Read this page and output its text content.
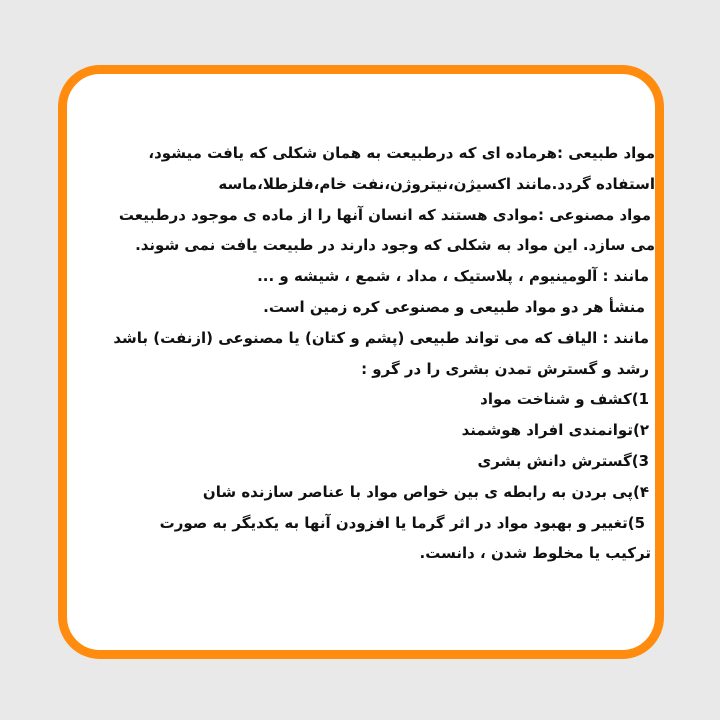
مواد طبیعی :هرماده ای که درطبیعت به همان شکلی که یافت میشود،
استفاده گردد.مانند اکسیژن،نیتروژن،نفت خام،فلزطلا،ماسه
مواد مصنوعی :موادی هستند که انسان آنها را از ماده ی موجود درطبیعت
می سازد. این مواد به شکلی که وجود دارند در طبیعت یافت نمی شوند.
مانند : آلومینیوم ، پلاستیک ، مداد ، شمع ، شیشه و ...
منشأ هر دو مواد طبیعی و مصنوعی کره زمین است.
مانند : الیاف که می تواند طبیعی (پشم و کتان) یا مصنوعی (ازنفت) باشد
رشد و گسترش تمدن بشری را در گرو :
1)کشف و شناخت مواد
۲)توانمندی افراد هوشمند
3)گسترش دانش بشری
۴)پی بردن به رابطه ی بین خواص مواد با عناصر سازنده شان
5)تغییر و بهبود مواد در اثر گرما یا افزودن آنها به یکدیگر به صورت
ترکیب یا مخلوط شدن ، دانست.
